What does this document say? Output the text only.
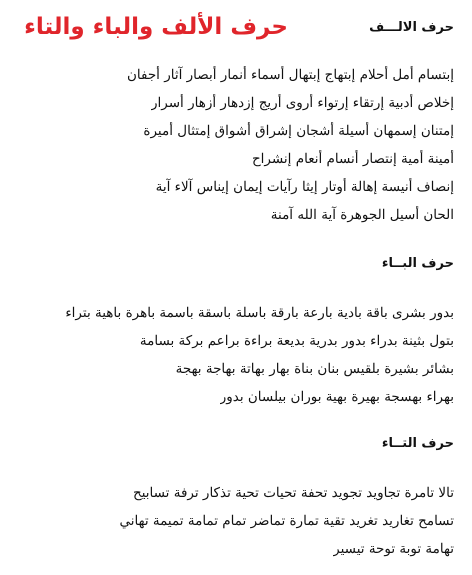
حرف الألف والباء والتاء	حرف الالـــف
إبتسام أمل أحلام إبتهاج إبتهال أسماء أنمار أبصار آثار أجفان
إخلاص أدبية إرتقاء إرتواء أروى أريج إزدهار أزهار أسرار
إمتنان إسمهان أسيلة أشجان إشراق أشواق إمتثال أميرة
أمينة أمية إنتصار أنسام أنعام إنشراح
إنصاف أنيسة إهالة أوتار إيثا رآيات إيمان إيناس آلاء آية
الحان أسيل الجوهرة آية الله آمنة
حرف البــاء
بدور بشرى باقة بادية بارعة بارقة باسلة باسقة باسمة باهرة باهية بتراء
بتول بثينة بدراء بدور بدرية بديعة براءة براعم بركة بسامة
بشائر بشيرة بلقيس بنان بناة بهار بهاتة بهاجة بهجة
بهراء بهسجة بهيرة بهية بوران بيلسان بدور
حرف التــاء
تالا تامرة تجاويد تجويد تحفة تحيات تحية تذكار ترفة تسابيح
تسامح تغاريد تغريد تقية تمارة تماضر تمام تمامة تميمة تهاني
تهامة توبة توحة تيسير
